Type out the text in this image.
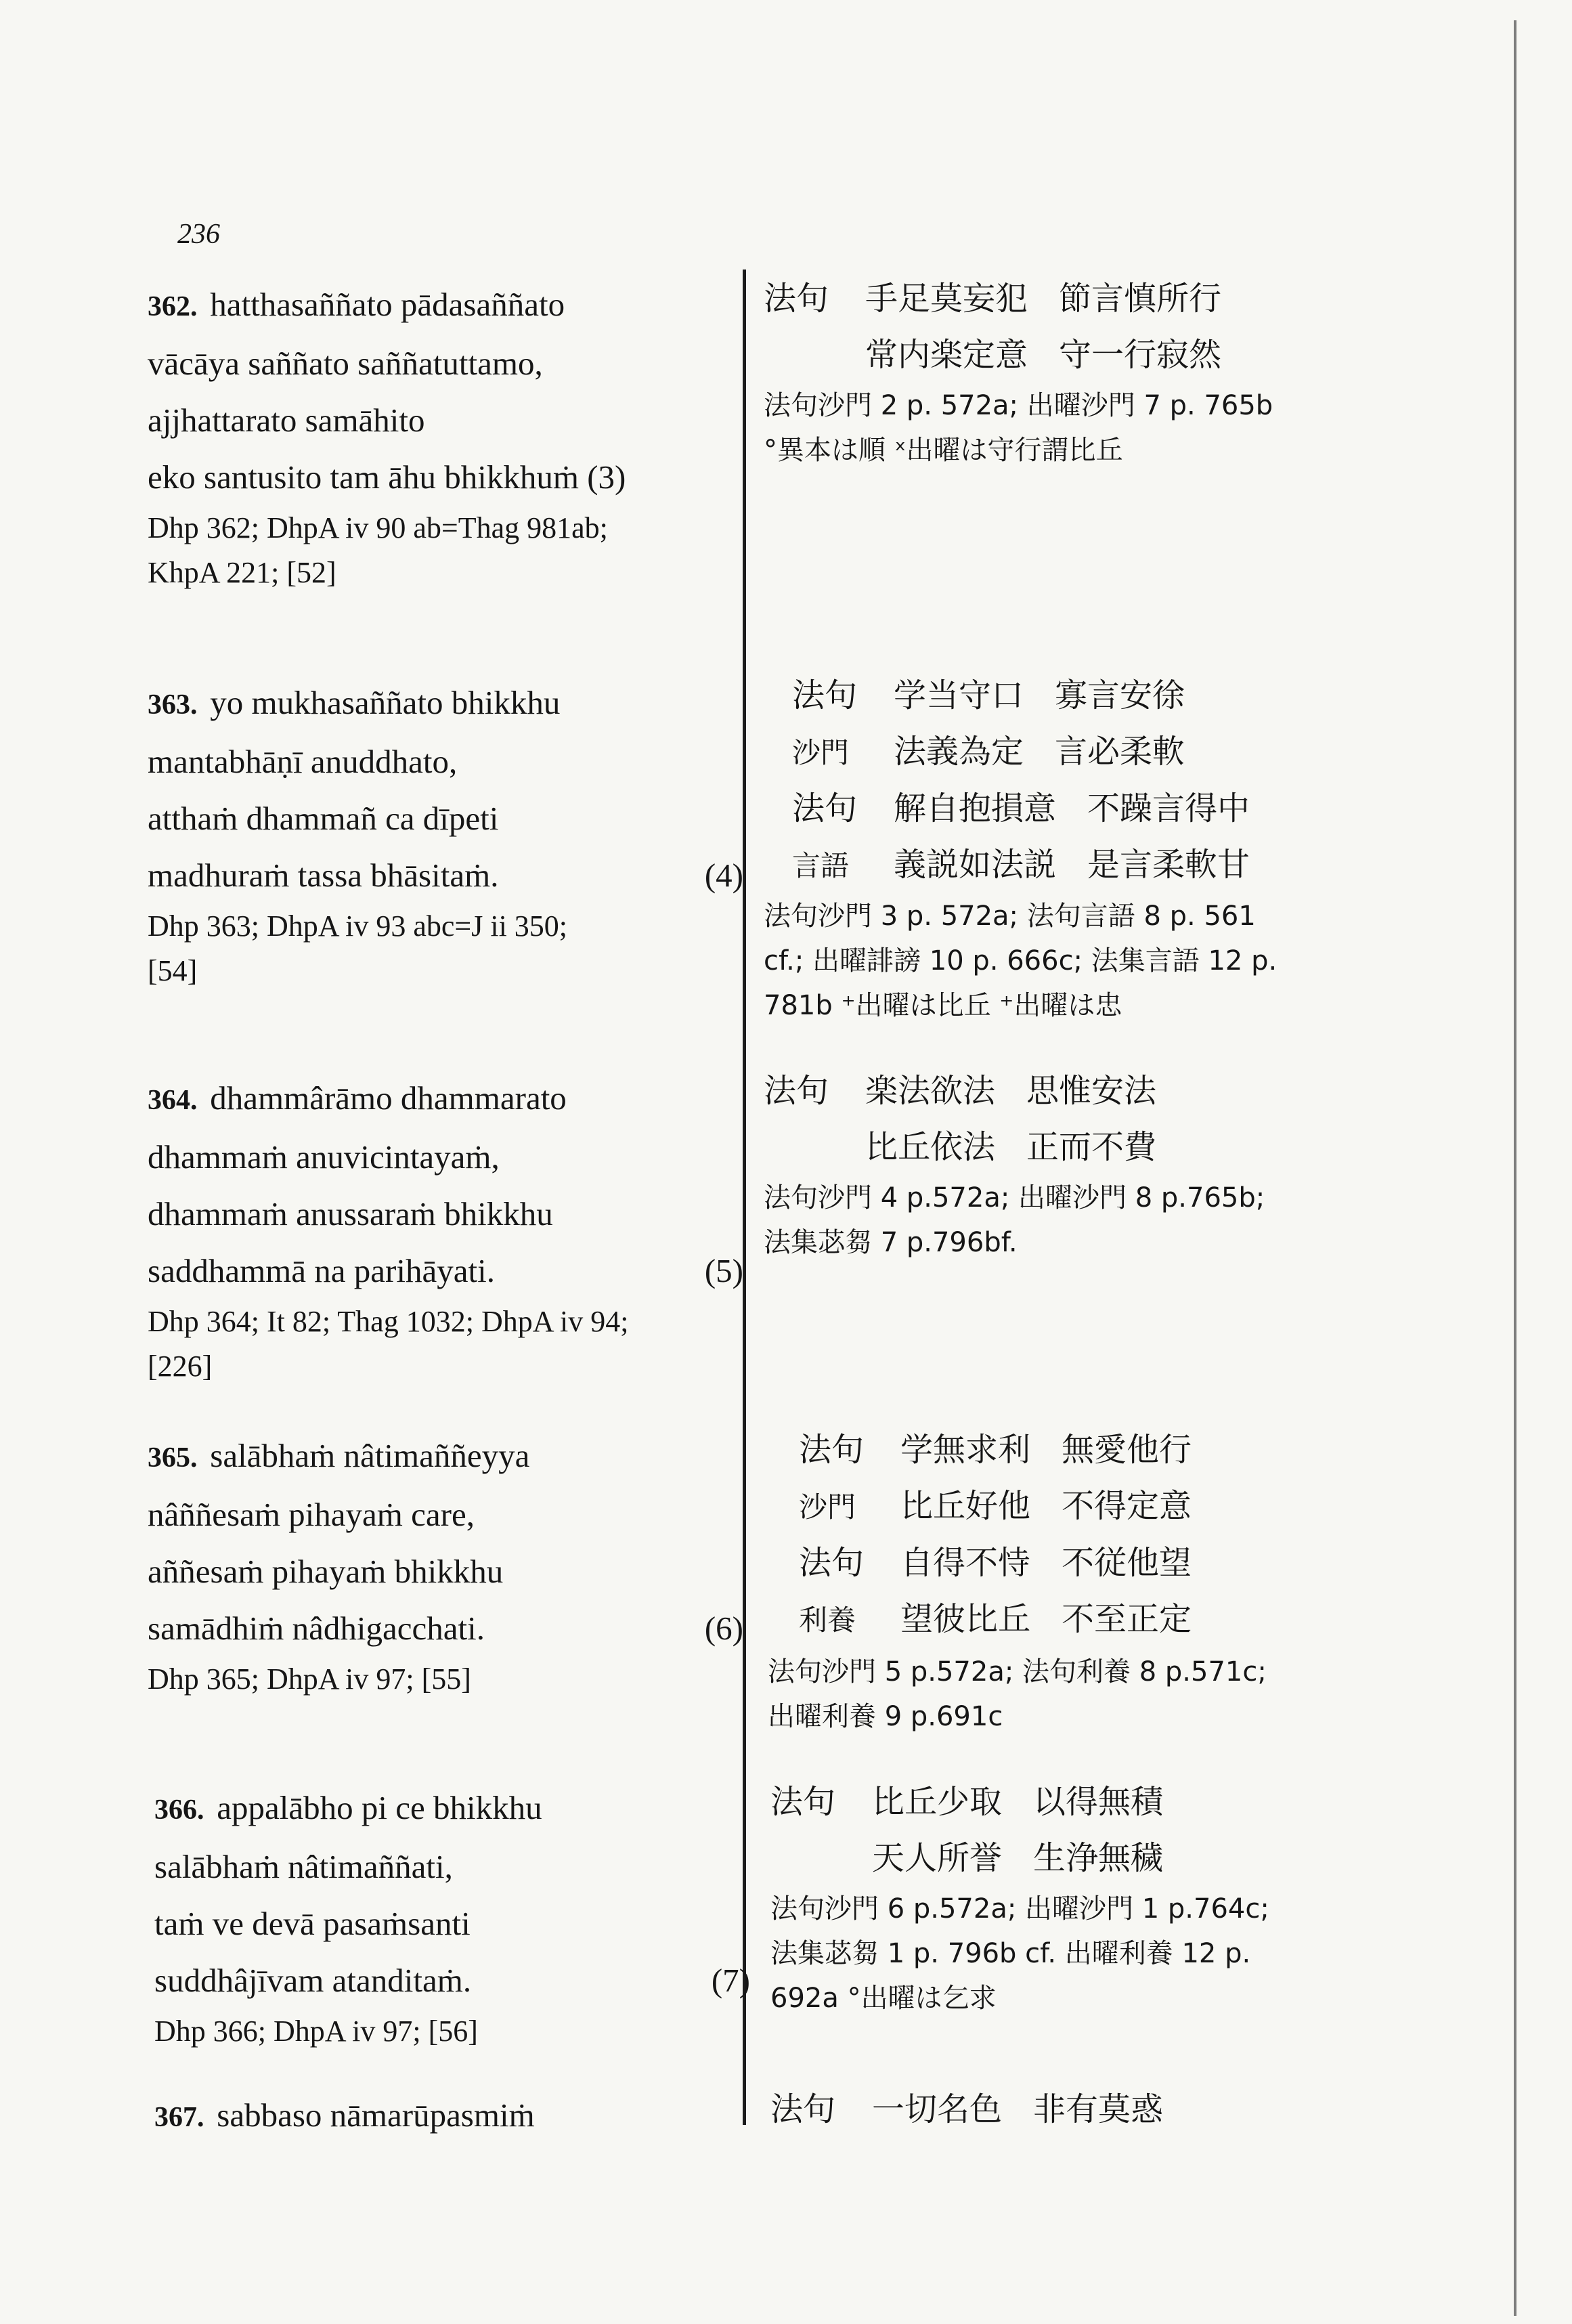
236
362. hatthasaññato pādasaññato
vācāya saññato saññatuttamo,
ajjhattarato samāhito
eko santusito tam āhu bhikkhuṁ (3)
Dhp 362; DhpA iv 90 ab=Thag 981ab;
KhpA 221; [52]
法句 手足莫妄犯 節言慎所行
常内楽定意 守一行寂然
法句沙門 2 p. 572a; 出曜沙門 7 p. 765b
°異本は順 ˣ出曜は守行謂比丘
363. yo mukhasaññato bhikkhu
mantabhāṇī anuddhato,
atthaṁ dhammañ ca dīpeti
madhuraṁ tassa bhāsitaṁ.	(4)
Dhp 363; DhpA iv 93 abc=J ii 350;
[54]
法句 学当守口 寡言安徐
沙門 法義為定 言必柔軟
法句 解自抱損意 不躁言得中
言語 義説如法説 是言柔軟甘
法句沙門 3 p. 572a; 法句言語 8 p. 561
cf.; 出曜誹謗 10 p. 666c; 法集言語 12 p.
781b ⁺出曜は比丘 ⁺出曜は忠
364. dhammârāmo dhammarato
dhammaṁ anuvicintayaṁ,
dhammaṁ anussaraṁ bhikkhu
saddhammā na parihāyati.	(5)
Dhp 364; It 82; Thag 1032; DhpA iv 94;
[226]
法句 楽法欲法 思惟安法
比丘依法 正而不費
法句沙門 4 p.572a; 出曜沙門 8 p.765b;
法集苾芻 7 p.796bf.
365. salābhaṁ nâtimaññeyya
nâññesaṁ pihayaṁ care,
aññesaṁ pihayaṁ bhikkhu
samādhiṁ nâdhigacchati.	(6)
Dhp 365; DhpA iv 97; [55]
法句 学無求利 無愛他行
沙門 比丘好他 不得定意
法句 自得不恃 不従他望
利養 望彼比丘 不至正定
法句沙門 5 p.572a; 法句利養 8 p.571c;
出曜利養 9 p.691c
366. appalābho pi ce bhikkhu
salābhaṁ nâtimaññati,
taṁ ve devā pasaṁsanti
suddhâjīvam atanditaṁ.	(7)
Dhp 366; DhpA iv 97; [56]
法句 比丘少取 以得無積
天人所誉 生浄無穢
法句沙門 6 p.572a; 出曜沙門 1 p.764c;
法集苾芻 1 p. 796b cf. 出曜利養 12 p.
692a °出曜は乞求
367. sabbaso nāmarūpasmiṁ	法句 一切名色 非有莫惑
